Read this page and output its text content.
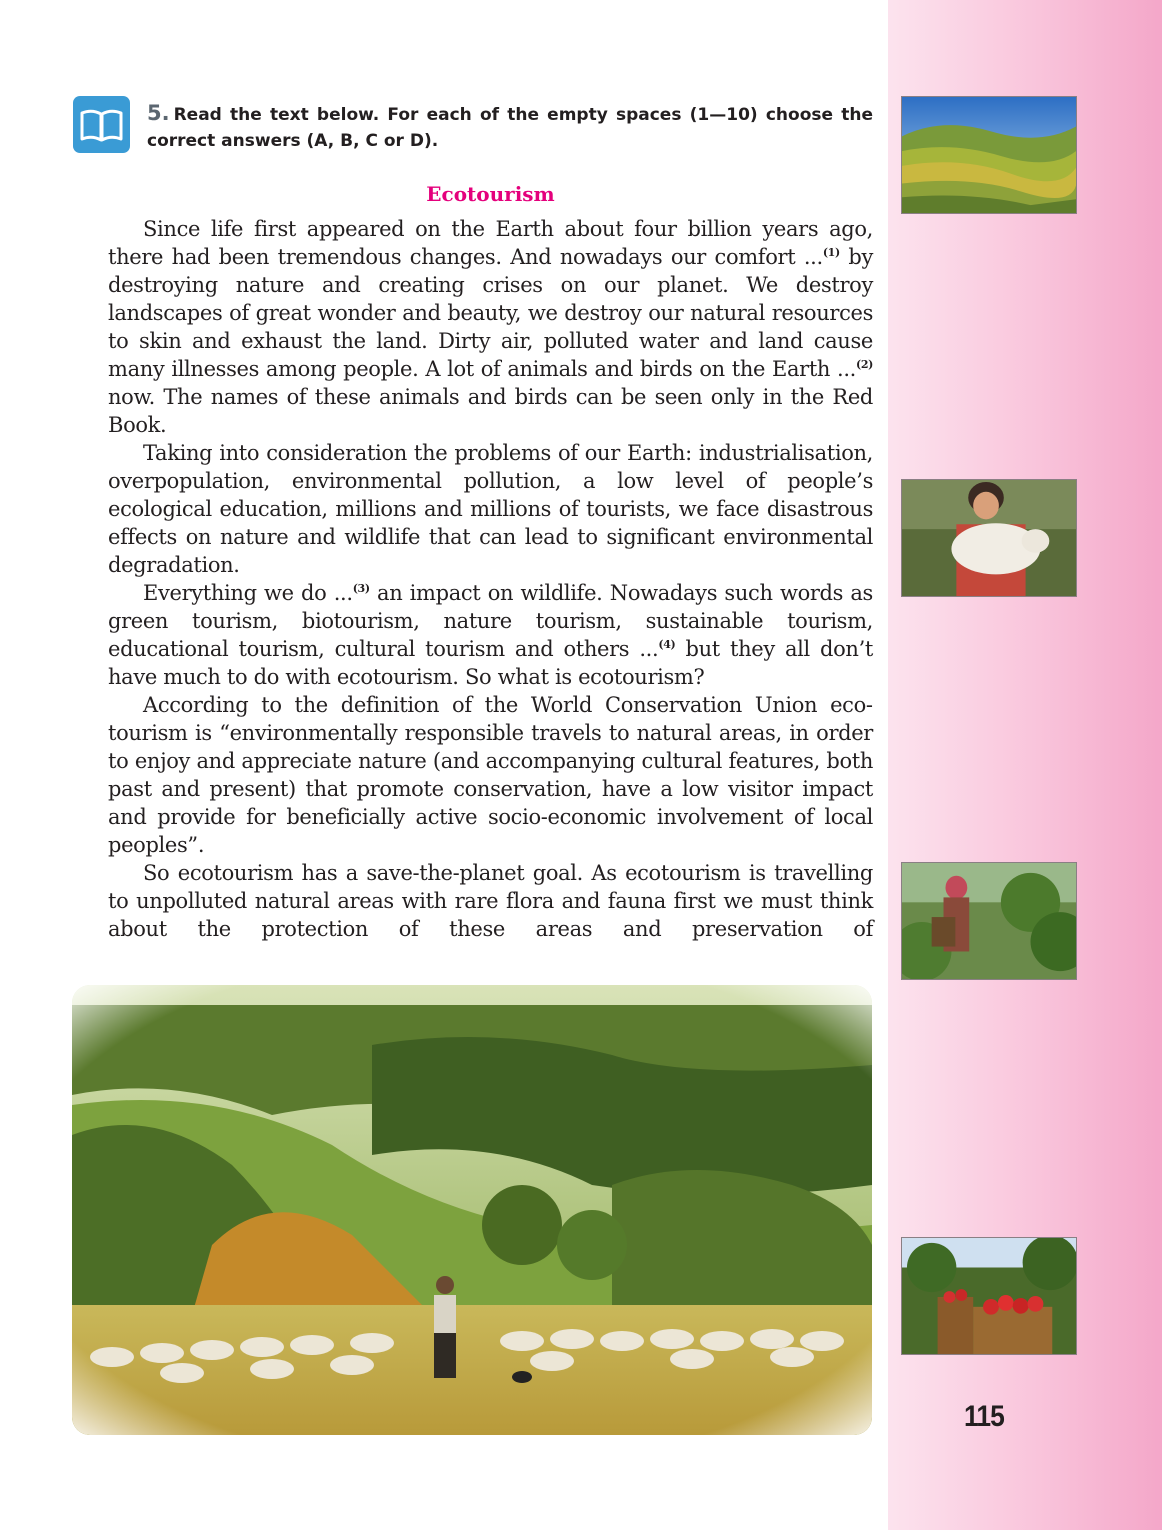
115
5. Read the text below. For each of the empty spaces (1—10) choose the correct answers (A, B, C or D).
Ecotourism

Since life first appeared on the Earth about four billion years ago, there had been tremendous changes. And nowadays our comfort ...$^{(1)}$ by destroying nature and creating crises on our planet. We destroy landscapes of great wonder and beauty, we destroy our natural resources to skin and exhaust the land. Dirty air, polluted water and land cause many illnesses among people. A lot of animals and birds on the Earth ...$^{(2)}$ now. The names of these animals and birds can be seen only in the Red Book.

Taking into consideration the problems of our Earth: industrialisation, overpopulation, environmental pollution, a low level of people’s ecological education, millions and millions of tourists, we face disastrous effects on nature and wildlife that can lead to significant environmental degradation.

Everything we do ...$^{(3)}$ an impact on wildlife. Nowadays such words as green tourism, biotourism, nature tourism, sustainable tourism, educational tourism, cultural tourism and others ...$^{(4)}$ but they all don’t have much to do with ecotourism. So what is ecotourism?

According to the definition of the World Conservation Union ecotourism is “environmentally responsible travels to natural areas, in order to enjoy and appreciate nature (and accompanying cultural features, both past and present) that promote conservation, have a low visitor impact and provide for beneficially active socio-economic involvement of local peoples”.

So ecotourism has a save-the-planet goal. As ecotourism is travelling to unpolluted natural areas with rare flora and fauna first we must think about the protection of these areas and preservation of
